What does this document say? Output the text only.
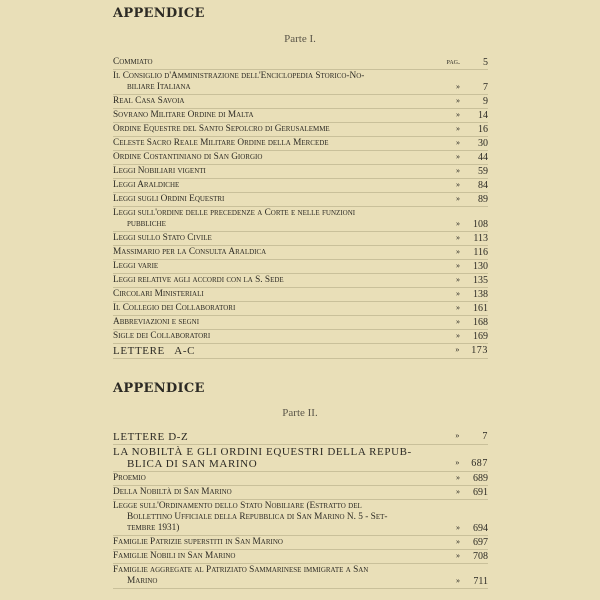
APPENDICE
Parte I.
Commiato	pag.	5
Il Consiglio d'Amministrazione dell'Enciclopedia Storico-No-
biliare Italiana	»	7
Real Casa Savoia	»	9
Sovrano Militare Ordine di Malta	»	14
Ordine Equestre del Santo Sepolcro di Gerusalemme	»	16
Celeste Sacro Reale Militare Ordine della Mercede	»	30
Ordine Costantiniano di San Giorgio	»	44
Leggi Nobiliari vigenti	»	59
Leggi Araldiche	»	84
Leggi sugli Ordini Equestri	»	89
Leggi sull'ordine delle precedenze a Corte e nelle funzioni
pubbliche	»	108
Leggi sullo Stato Civile	»	113
Massimario per la Consulta Araldica	»	116
Leggi varie	»	130
Leggi relative agli accordi con la S. Sede	»	135
Circolari Ministeriali	»	138
Il Collegio dei Collaboratori	»	161
Abbreviazioni e segni	»	168
Sigle dei Collaboratori	»	169
LETTERE   A-C	»	173
APPENDICE
Parte II.
LETTERE D-Z	»	7
LA NOBILTÀ E GLI ORDINI EQUESTRI DELLA REPUB-
BLICA DI SAN MARINO	»	687
Proemio	»	689
Della Nobiltà di San Marino	»	691
Legge sull'Ordinamento dello Stato Nobiliare (Estratto del
Bollettino Ufficiale della Repubblica di San Marino N. 5 - Set-
tembre 1931)	»	694
Famiglie Patrizie superstiti in San Marino	»	697
Famiglie Nobili in San Marino	»	708
Famiglie aggregate al Patriziato Sammarinese immigrate a San
Marino	»	711
